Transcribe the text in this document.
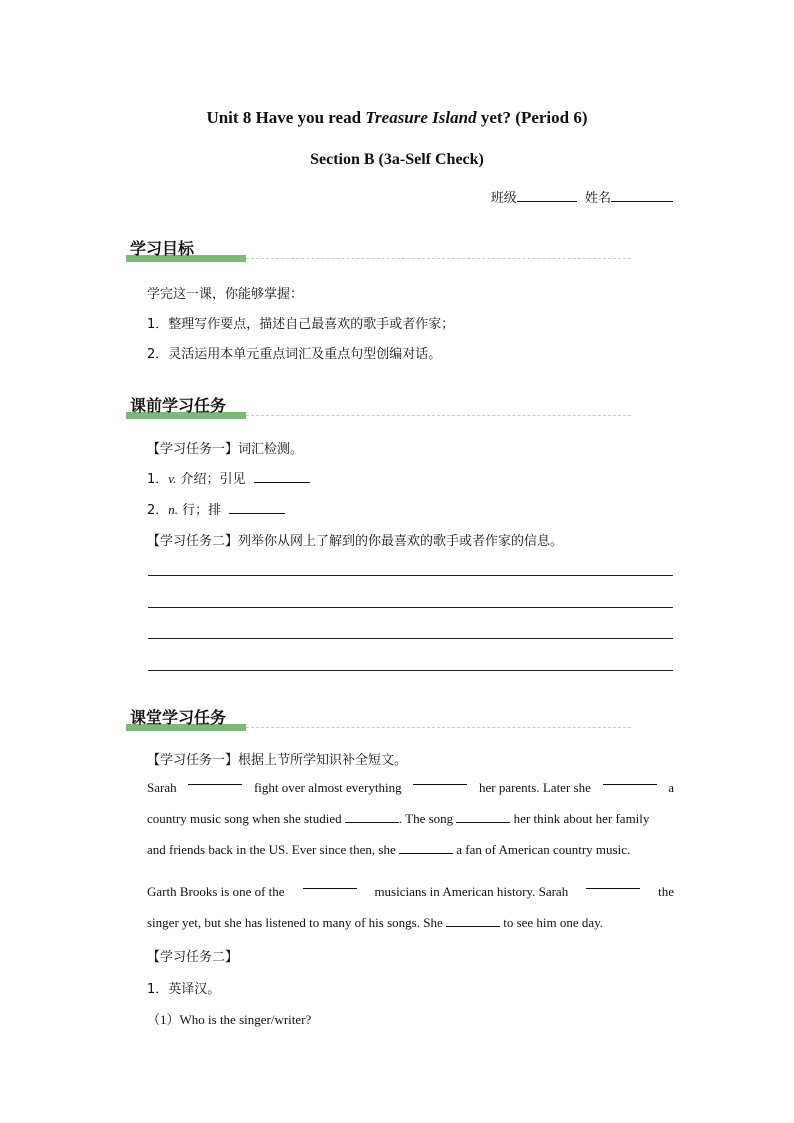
Unit 8 Have you read Treasure Island yet? (Period 6)
Section B (3a-Self Check)
班级	姓名
学习目标
学完这一课，你能够掌握：
1．整理写作要点，描述自己最喜欢的歌手或者作家；
2．灵活运用本单元重点词汇及重点句型创编对话。
课前学习任务
【学习任务一】词汇检测。
1．v. 介绍；引见
2．n. 行；排
【学习任务二】列举你从网上了解到的你最喜欢的歌手或者作家的信息。
课堂学习任务
【学习任务一】根据上节所学知识补全短文。
Sarah	fight over almost everything	her parents. Later she	a
country music song when she studied	. The song	her think about her family
and friends back in the US. Ever since then, she	a fan of American country music.
Garth Brooks is one of the	musicians in American history. Sarah	the
singer yet, but she has listened to many of his songs. She	to see him one day.
【学习任务二】
1．英译汉。
（1）Who is the singer/writer?
